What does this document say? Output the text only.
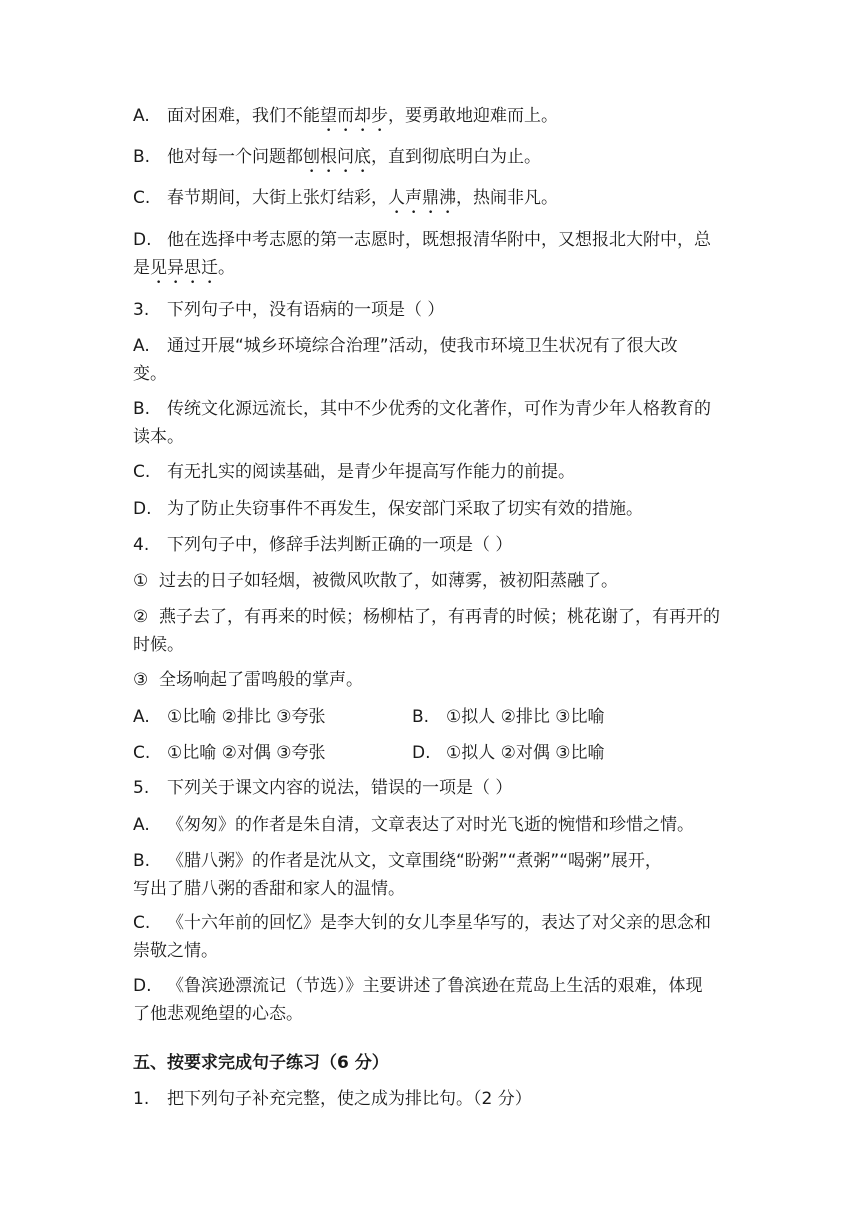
A. 面对困难，我们不能望而却步，要勇敢地迎难而上。
B. 他对每一个问题都刨根问底，直到彻底明白为止。
C. 春节期间，大街上张灯结彩，人声鼎沸，热闹非凡。
D. 他在选择中考志愿的第一志愿时，既想报清华附中，又想报北大附中，总
是见异思迁。
3. 下列句子中，没有语病的一项是（ ）
A. 通过开展“城乡环境综合治理”活动，使我市环境卫生状况有了很大改
变。
B. 传统文化源远流长，其中不少优秀的文化著作，可作为青少年人格教育的
读本。
C. 有无扎实的阅读基础，是青少年提高写作能力的前提。
D. 为了防止失窃事件不再发生，保安部门采取了切实有效的措施。
4. 下列句子中，修辞手法判断正确的一项是（ ）
① 过去的日子如轻烟，被微风吹散了，如薄雾，被初阳蒸融了。
② 燕子去了，有再来的时候；杨柳枯了，有再青的时候；桃花谢了，有再开的
时候。
③ 全场响起了雷鸣般的掌声。
A. ①比喻 ②排比 ③夸张	B. ①拟人 ②排比 ③比喻
C. ①比喻 ②对偶 ③夸张	D. ①拟人 ②对偶 ③比喻
5. 下列关于课文内容的说法，错误的一项是（ ）
A. 《匆匆》的作者是朱自清，文章表达了对时光飞逝的惋惜和珍惜之情。
B. 《腊八粥》的作者是沈从文，文章围绕“盼粥”“煮粥”“喝粥”展开，
写出了腊八粥的香甜和家人的温情。
C. 《十六年前的回忆》是李大钊的女儿李星华写的，表达了对父亲的思念和
崇敬之情。
D. 《鲁滨逊漂流记（节选）》主要讲述了鲁滨逊在荒岛上生活的艰难，体现
了他悲观绝望的心态。
五、按要求完成句子练习（6 分）
1. 把下列句子补充完整，使之成为排比句。（2 分）
